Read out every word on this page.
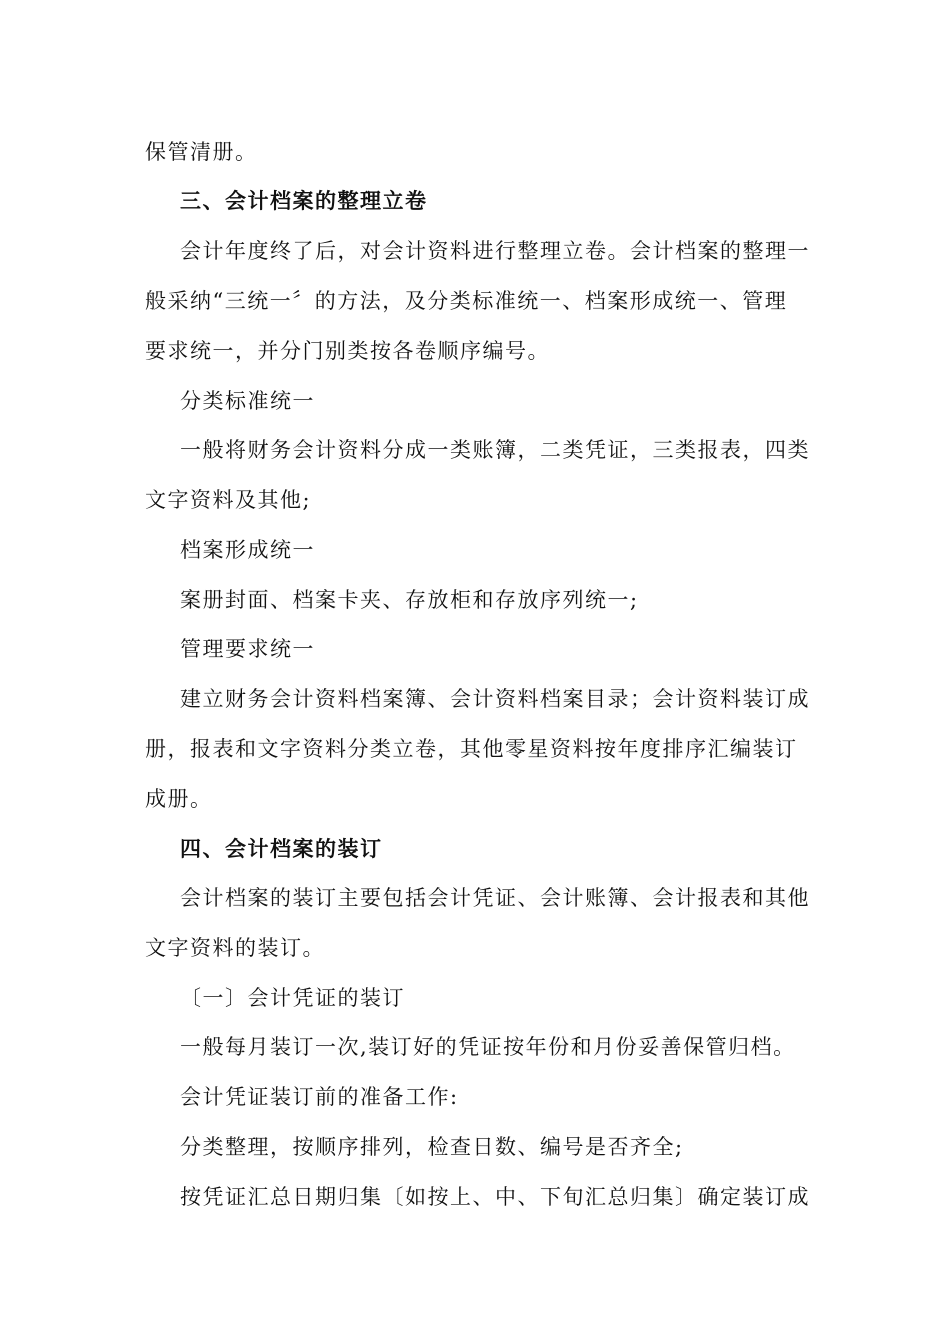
保管清册。
三、会计档案的整理立卷
会计年度终了后，对会计资料进行整理立卷。会计档案的整理一
般采纳“三统一〞的方法，及分类标准统一、档案形成统一、管理
要求统一，并分门别类按各卷顺序编号。
分类标准统一
一般将财务会计资料分成一类账簿，二类凭证，三类报表，四类
文字资料及其他;
档案形成统一
案册封面、档案卡夹、存放柜和存放序列统一;
管理要求统一
建立财务会计资料档案簿、会计资料档案目录；会计资料装订成
册，报表和文字资料分类立卷，其他零星资料按年度排序汇编装订
成册。
四、会计档案的装订
会计档案的装订主要包括会计凭证、会计账簿、会计报表和其他
文字资料的装订。
〔一〕会计凭证的装订
一般每月装订一次,装订好的凭证按年份和月份妥善保管归档。
会计凭证装订前的准备工作:
分类整理，按顺序排列，检查日数、编号是否齐全;
按凭证汇总日期归集〔如按上、中、下旬汇总归集〕确定装订成
